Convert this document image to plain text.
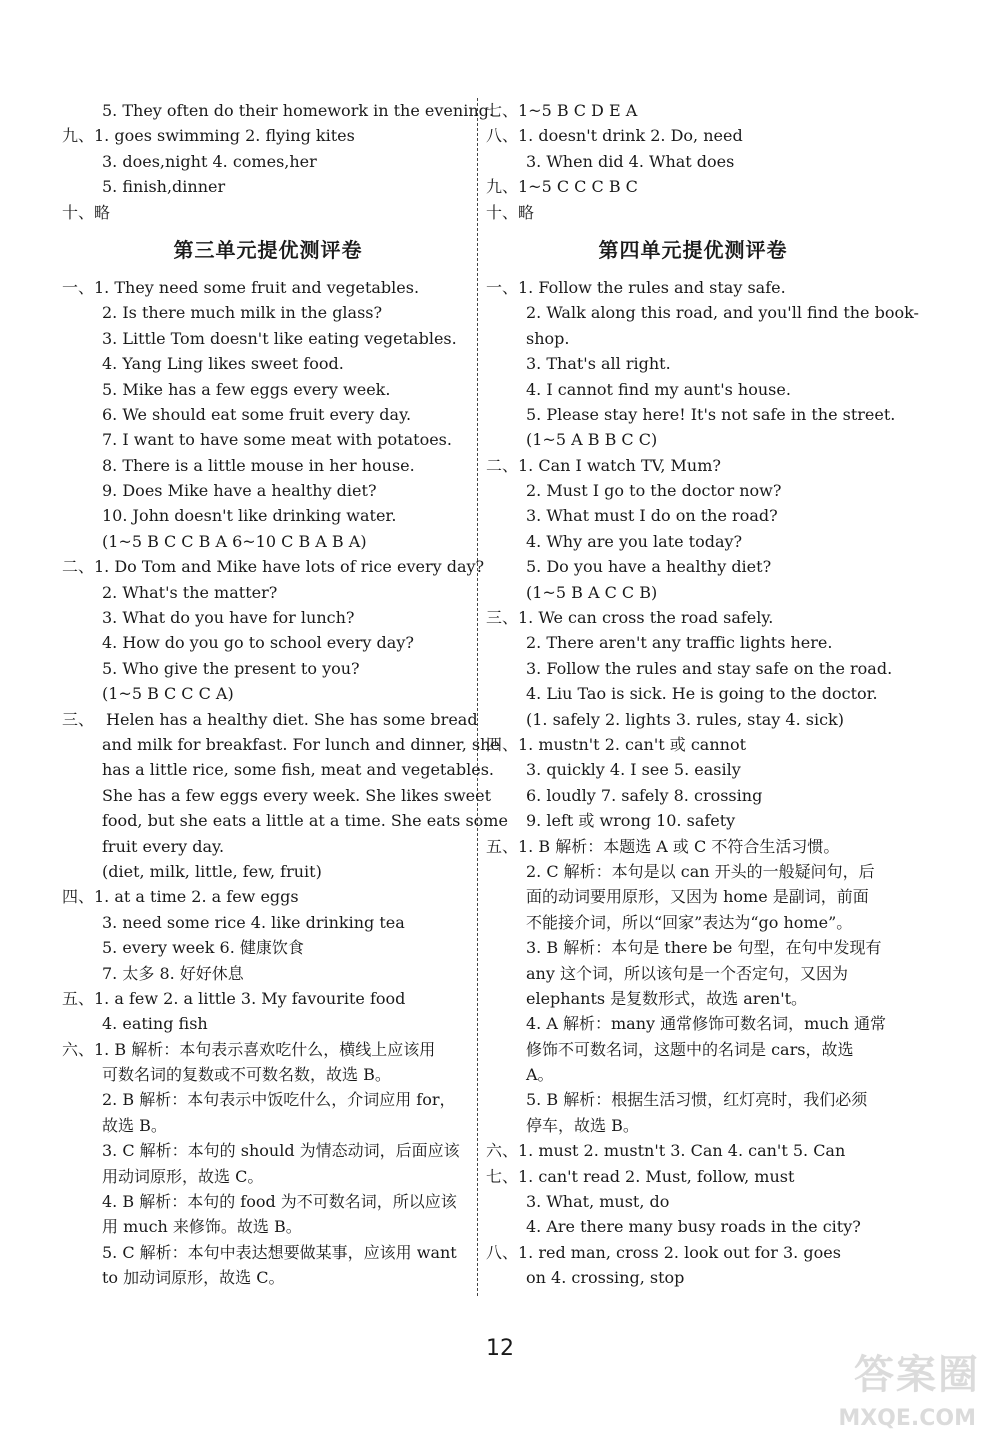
5. They often do their homework in the evening.
九、1. goes swimming 2. flying kites
3. does,night 4. comes,her
5. finish,dinner
十、略
第三单元提优测评卷
一、1. They need some fruit and vegetables.
2. Is there much milk in the glass?
3. Little Tom doesn't like eating vegetables.
4. Yang Ling likes sweet food.
5. Mike has a few eggs every week.
6. We should eat some fruit every day.
7. I want to have some meat with potatoes.
8. There is a little mouse in her house.
9. Does Mike have a healthy diet?
10. John doesn't like drinking water.
(1~5 B C C B A 6~10 C B A B A)
二、1. Do Tom and Mike have lots of rice every day?
2. What's the matter?
3. What do you have for lunch?
4. How do you go to school every day?
5. Who give the present to you?
(1~5 B C C C A)
三、 Helen has a healthy diet. She has some bread
and milk for breakfast. For lunch and dinner, she
has a little rice, some fish, meat and vegetables.
She has a few eggs every week. She likes sweet
food, but she eats a little at a time. She eats some
fruit every day.
(diet, milk, little, few, fruit)
四、1. at a time 2. a few eggs
3. need some rice 4. like drinking tea
5. every week 6. 健康饮食
7. 太多 8. 好好休息
五、1. a few 2. a little 3. My favourite food
4. eating fish
六、1. B 解析：本句表示喜欢吃什么，横线上应该用
可数名词的复数或不可数名数，故选 B。
2. B 解析：本句表示中饭吃什么，介词应用 for，
故选 B。
3. C 解析：本句的 should 为情态动词，后面应该
用动词原形，故选 C。
4. B 解析：本句的 food 为不可数名词，所以应该
用 much 来修饰。故选 B。
5. C 解析：本句中表达想要做某事，应该用 want
to 加动词原形，故选 C。
七、1~5 B C D E A
八、1. doesn't drink 2. Do, need
3. When did 4. What does
九、1~5 C C C B C
十、略
第四单元提优测评卷
一、1. Follow the rules and stay safe.
2. Walk along this road, and you'll find the book-
shop.
3. That's all right.
4. I cannot find my aunt's house.
5. Please stay here! It's not safe in the street.
(1~5 A B B C C)
二、1. Can I watch TV, Mum?
2. Must I go to the doctor now?
3. What must I do on the road?
4. Why are you late today?
5. Do you have a healthy diet?
(1~5 B A C C B)
三、1. We can cross the road safely.
2. There aren't any traffic lights here.
3. Follow the rules and stay safe on the road.
4. Liu Tao is sick. He is going to the doctor.
(1. safely 2. lights 3. rules, stay 4. sick)
四、1. mustn't 2. can't 或 cannot
3. quickly 4. I see 5. easily
6. loudly 7. safely 8. crossing
9. left 或 wrong 10. safety
五、1. B 解析：本题选 A 或 C 不符合生活习惯。
2. C 解析：本句是以 can 开头的一般疑问句，后
面的动词要用原形，又因为 home 是副词，前面
不能接介词，所以“回家”表达为“go home”。
3. B 解析：本句是 there be 句型，在句中发现有
any 这个词，所以该句是一个否定句，又因为
elephants 是复数形式，故选 aren't。
4. A 解析：many 通常修饰可数名词，much 通常
修饰不可数名词，这题中的名词是 cars，故选
A。
5. B 解析：根据生活习惯，红灯亮时，我们必须
停车，故选 B。
六、1. must 2. mustn't 3. Can 4. can't 5. Can
七、1. can't read 2. Must, follow, must
3. What, must, do
4. Are there many busy roads in the city?
八、1. red man, cross 2. look out for 3. goes
on 4. crossing, stop
12
答案圈
MXQE.COM
